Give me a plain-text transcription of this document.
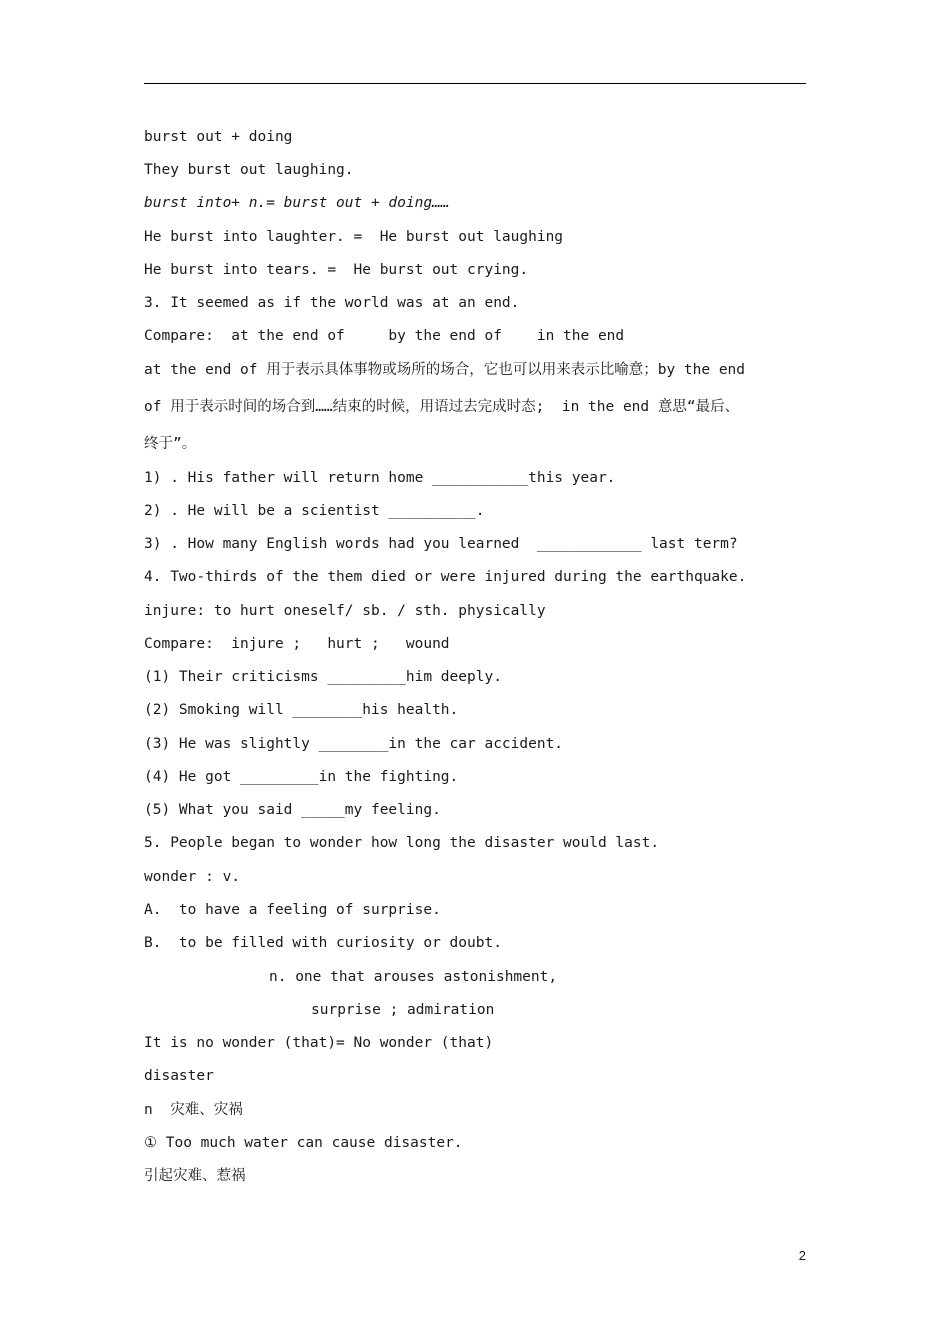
burst out + doing
They burst out laughing.
burst into+ n.= burst out + doing……
He burst into laughter. =  He burst out laughing
He burst into tears. =  He burst out crying.
3. It seemed as if the world was at an end.
Compare:  at the end of     by the end of    in the end
at the end of 用于表示具体事物或场所的场合，它也可以用来表示比喻意；by the end
of 用于表示时间的场合到……结束的时候，用语过去完成时态;  in the end 意思“最后、
终于”。
1) . His father will return home ___________this year.
2) . He will be a scientist __________.
3) . How many English words had you learned  ____________ last term?
4. Two-thirds of the them died or were injured during the earthquake.
injure: to hurt oneself/ sb. / sth. physically
Compare:  injure ;   hurt ;   wound
(1) Their criticisms _________him deeply.
(2) Smoking will ________his health.
(3) He was slightly ________in the car accident.
(4) He got _________in the fighting.
(5) What you said _____my feeling.
5. People began to wonder how long the disaster would last.
wonder : v.
A.  to have a feeling of surprise.
B.  to be filled with curiosity or doubt.
n. one that arouses astonishment,
surprise ; admiration
It is no wonder (that)= No wonder (that)
disaster
n  灾难、灾祸
① Too much water can cause disaster.
引起灾难、惹祸
2
